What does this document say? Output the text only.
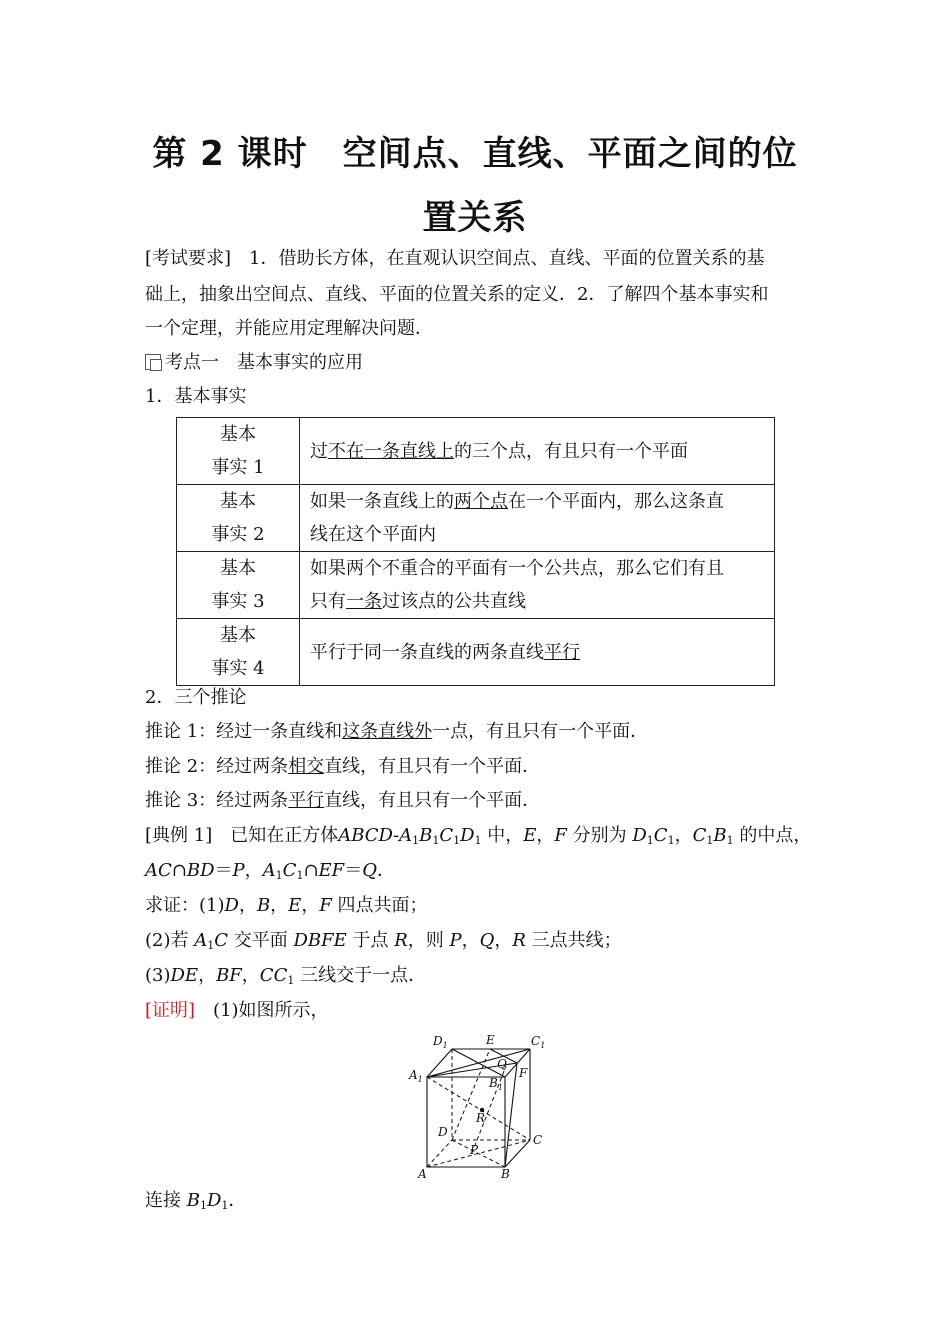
第 2 课时　空间点、直线、平面之间的位
置关系
[考试要求]　1．借助长方体，在直观认识空间点、直线、平面的位置关系的基
础上，抽象出空间点、直线、平面的位置关系的定义．2．了解四个基本事实和
一个定理，并能应用定理解决问题．
考点一　基本事实的应用
1．基本事实
基本
事实 1	过不在一条直线上的三个点，有且只有一个平面
基本
事实 2	如果一条直线上的两个点在一个平面内，那么这条直
线在这个平面内
基本
事实 3	如果两个不重合的平面有一个公共点，那么它们有且
只有一条过该点的公共直线
基本
事实 4	平行于同一条直线的两条直线平行
2．三个推论
推论 1：经过一条直线和这条直线外一点，有且只有一个平面．
推论 2：经过两条相交直线，有且只有一个平面．
推论 3：经过两条平行直线，有且只有一个平面．
[典例 1]　已知在正方体ABCD-$A_1B_1C_1D_1$ 中，E，F 分别为 $D_1C_1$，$C_1B_1$ 的中点，
AC∩BD＝P，$A_1C_1\cap EF=Q$．
求证：(1)D，B，E，F 四点共面；
(2)若 $A_1C$ 交平面 DBFE 于点 R，则 P，Q，R 三点共线；
(3)DE，BF，$CC_1$ 三线交于一点．
[证明]　(1)如图所示，
$D_1$	E	$C_1$
$A_1$
Q
$B_1$
F
R
D
C
P
A	B
连接 $B_1D_1$．
